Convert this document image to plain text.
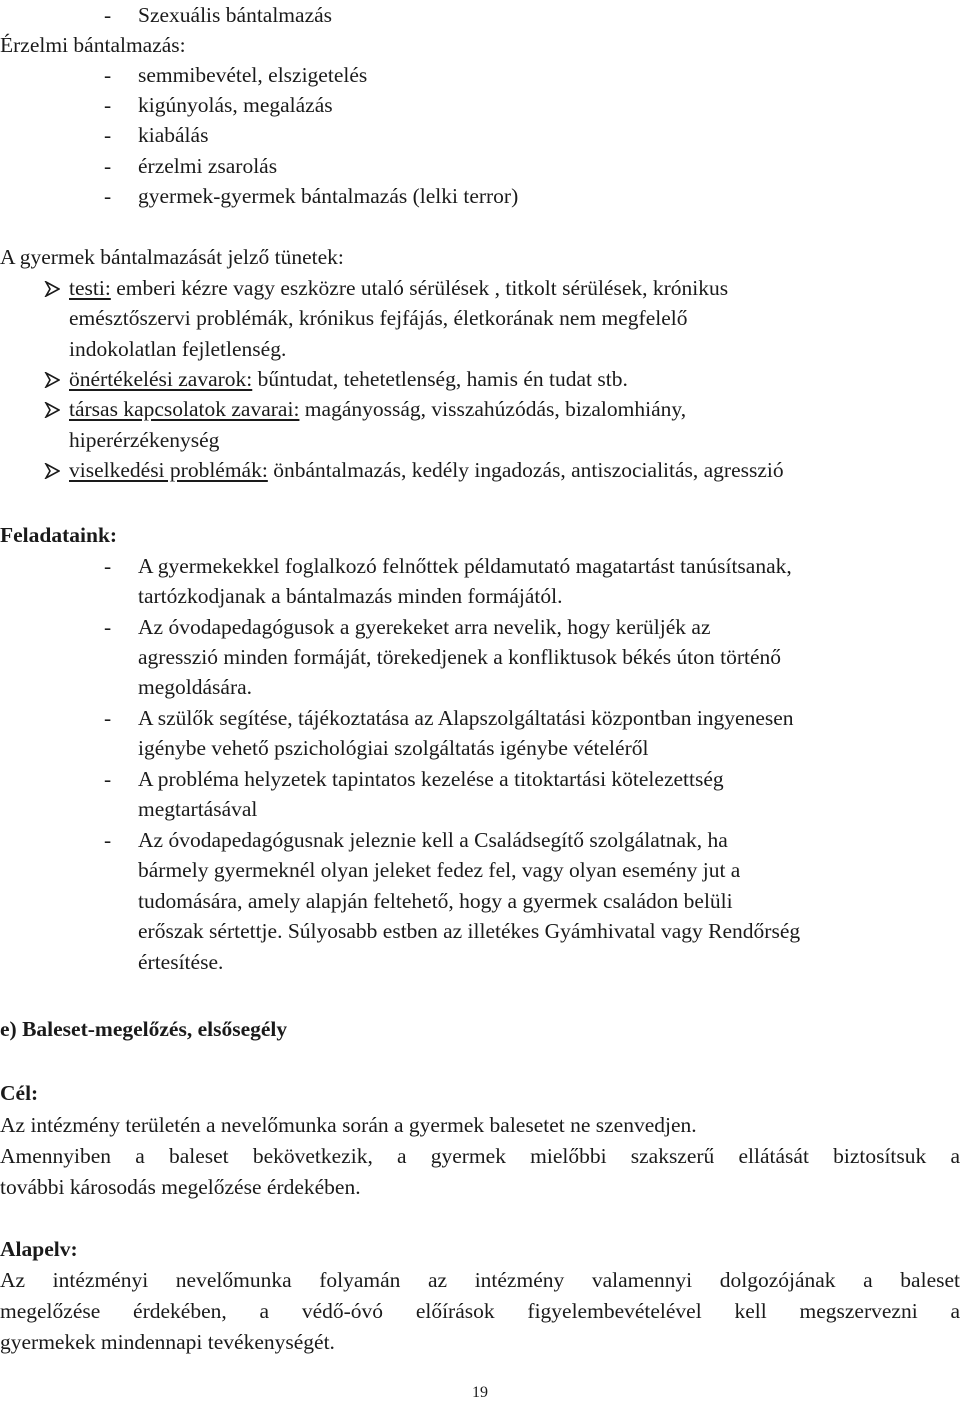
- Szexuális bántalmazás
Érzelmi bántalmazás:
- semmibevétel, elszigetelés
- kigúnyolás, megalázás
- kiabálás
- érzelmi zsarolás
- gyermek-gyermek bántalmazás (lelki terror)
A gyermek bántalmazását jelző tünetek:
testi: emberi kézre vagy eszközre utaló sérülések , titkolt sérülések, krónikus
emésztőszervi problémák, krónikus fejfájás, életkorának nem megfelelő
indokolatlan fejletlenség.
önértékelési zavarok: bűntudat, tehetetlenség, hamis én tudat stb.
társas kapcsolatok zavarai: magányosság, visszahúzódás, bizalomhiány,
hiperérzékenység
viselkedési problémák: önbántalmazás, kedély ingadozás, antiszocialitás, agresszió
Feladataink:
- A gyermekekkel foglalkozó felnőttek példamutató magatartást tanúsítsanak,
tartózkodjanak a bántalmazás minden formájától.
- Az óvodapedagógusok a gyerekeket arra nevelik, hogy kerüljék az
agresszió minden formáját, törekedjenek a konfliktusok békés úton történő
megoldására.
- A szülők segítése, tájékoztatása az Alapszolgáltatási központban ingyenesen
igénybe vehető pszichológiai szolgáltatás igénybe vételéről
- A probléma helyzetek tapintatos kezelése a titoktartási kötelezettség
megtartásával
- Az óvodapedagógusnak jeleznie kell a Családsegítő szolgálatnak, ha
bármely gyermeknél olyan jeleket fedez fel, vagy olyan esemény jut a
tudomására, amely alapján feltehető, hogy a gyermek családon belüli
erőszak sértettje. Súlyosabb estben az illetékes Gyámhivatal vagy Rendőrség
értesítése.
e) Baleset-megelőzés, elsősegély
Cél:
Az intézmény területén a nevelőmunka során a gyermek balesetet ne szenvedjen.
Amennyiben a baleset bekövetkezik, a gyermek mielőbbi szakszerű ellátását biztosítsuk a
további károsodás megelőzése érdekében.
Alapelv:
Az intézményi nevelőmunka folyamán az intézmény valamennyi dolgozójának a baleset
megelőzése érdekében, a védő-óvó előírások figyelembevételével kell megszervezni a
gyermekek mindennapi tevékenységét.
19
